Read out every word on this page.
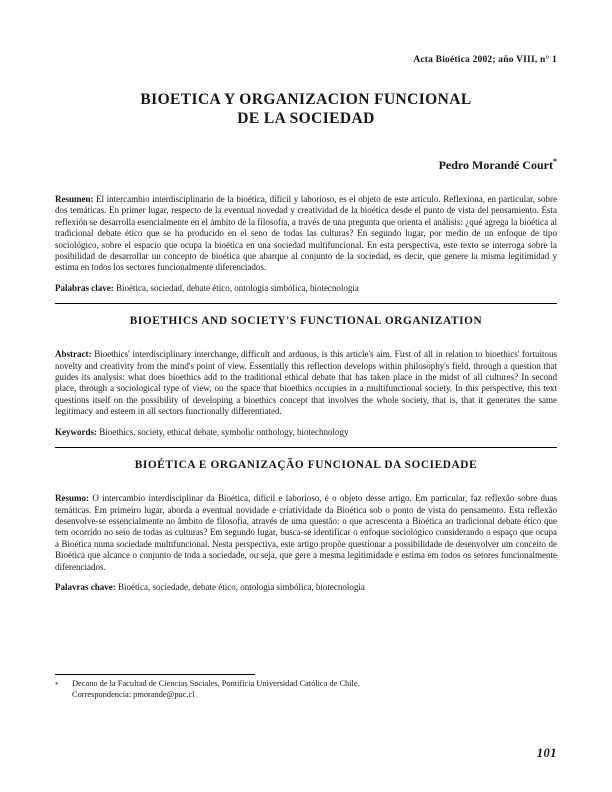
Acta Bioética 2002; año VIII, n° 1
BIOETICA Y ORGANIZACION FUNCIONAL
DE LA SOCIEDAD
Pedro Morandé Court*

Resumen: El intercambio interdisciplinario de la bioética, difícil y laborioso, es el objeto de este artículo. Reflexiona, en particular, sobre dos temáticas. En primer lugar, respecto de la eventual novedad y creatividad de la bioética desde el punto de vista del pensamiento. Esta reflexión se desarrolla esencialmente en el ámbito de la filosofía, a través de una pregunta que orienta el análisis: ¿qué agrega la bioética al tradicional debate ético que se ha producido en el seno de todas las culturas? En segundo lugar, por medio de un enfoque de tipo sociológico, sobre el espacio que ocupa la bioética en una sociedad multifuncional. En esta perspectiva, este texto se interroga sobre la posibilidad de desarrollar un concepto de bioética que abarque al conjunto de la sociedad, es decir, que genere la misma legitimidad y estima en todos los sectores funcionalmente diferenciados.

Palabras clave: Bioética, sociedad, debate ético, ontología simbólica, biotecnología

BIOETHICS AND SOCIETY'S FUNCTIONAL ORGANIZATION

Abstract: Bioethics' interdisciplinary interchange, difficult and arduous, is this article's aim. First of all in relation to bioethics' fortuitous novelty and creativity from the mind's point of view. Essentially this reflection develops within philosophy's field, through a question that guides its analysis: what does bioethics add to the traditional ethical debate that has taken place in the midst of all cultures? In second place, through a sociological type of view, on the space that bioethics occupies in a multifunctional society. In this perspective, this text questions itself on the possibility of developing a bioethics concept that involves the whole society, that is, that it generates the same legitimacy and esteem in all sectors functionally differentiated.

Keywords: Bioethics, society, ethical debate, symbolic onthology, biotechnology

BIOÉTICA E ORGANIZAÇÃO FUNCIONAL DA SOCIEDADE

Resumo: O intercambio interdisciplinar da Bioética, difícil e laborioso, é o objeto desse artigo. Em particular, faz reflexão sobre duas temáticas. Em primeiro lugar, aborda a eventual novidade e criatividade da Bioética sob o ponto de vista do pensamento. Esta reflexão desenvolve-se essencialmente no âmbito de filosofia, através de uma questão: o que acrescenta a Bioética ao tradicional debate ético que tem ocorrido no seio de todas as culturas? Em segundo lugar, busca-se identificar o enfoque sociológico considerando o espaço que ocupa a Bioética numa sociedade multifuncional. Nesta perspectiva, este artigo propõe questionar a possibilidade de desenvolver um conceito de Bioética que alcance o conjunto de toda a sociedade, ou seja, que gere a mesma legitimidade e estima em todos os setores funcionalmente diferenciados.

Palavras chave: Bioética, sociedade, debate ético, ontologia simbólica, biotecnologia

*	Decano de la Facultad de Ciencias Sociales, Pontificia Universidad Católica de Chile.
Correspondencia: pmorande@puc.cl
101
